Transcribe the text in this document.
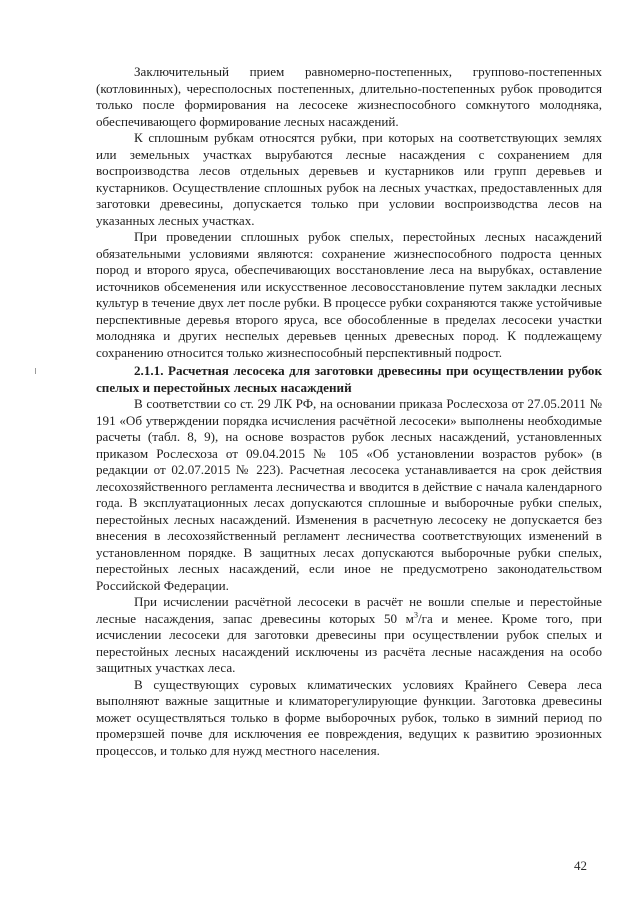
Заключительный прием равномерно-постепенных, группово-постепенных (котловинных), чересполосных постепенных, длительно-постепенных рубок проводится только после формирования на лесосеке жизнеспособного сомкнутого молодняка, обеспечивающего формирование лесных насаждений.

К сплошным рубкам относятся рубки, при которых на соответствующих землях или земельных участках вырубаются лесные насаждения с сохранением для воспроизводства лесов отдельных деревьев и кустарников или групп деревьев и кустарников. Осуществление сплошных рубок на лесных участках, предоставленных для заготовки древесины, допускается только при условии воспроизводства лесов на указанных лесных участках.

При проведении сплошных рубок спелых, перестойных лесных насаждений обязательными условиями являются: сохранение жизнеспособного подроста ценных пород и второго яруса, обеспечивающих восстановление леса на вырубках, оставление источников обсеменения или искусственное лесовосстановление путем закладки лесных культур в течение двух лет после рубки. В процессе рубки сохраняются также устойчивые перспективные деревья второго яруса, все обособленные в пределах лесосеки участки молодняка и других неспелых деревьев ценных древесных пород. К подлежащему сохранению относится только жизнеспособный перспективный подрост.

2.1.1. Расчетная лесосека для заготовки древесины при осуществлении рубок спелых и перестойных лесных насаждений

В соответствии со ст. 29 ЛК РФ, на основании приказа Рослесхоза от 27.05.2011 № 191 «Об утверждении порядка исчисления расчётной лесосеки» выполнены необходимые расчеты (табл. 8, 9), на основе возрастов рубок лесных насаждений, установленных приказом Рослесхоза от 09.04.2015 № 105 «Об установлении возрастов рубок» (в редакции от 02.07.2015 № 223). Расчетная лесосека устанавливается на срок действия лесохозяйственного регламента лесничества и вводится в действие с начала календарного года. В эксплуатационных лесах допускаются сплошные и выборочные рубки спелых, перестойных лесных насаждений. Изменения в расчетную лесосеку не допускается без внесения в лесохозяйственный регламент лесничества соответствующих изменений в установленном порядке. В защитных лесах допускаются выборочные рубки спелых, перестойных лесных насаждений, если иное не предусмотрено законодательством Российской Федерации.

При исчислении расчётной лесосеки в расчёт не вошли спелые и перестойные лесные насаждения, запас древесины которых 50 $м^3/га$ и менее. Кроме того, при исчислении лесосеки для заготовки древесины при осуществлении рубок спелых и перестойных лесных насаждений исключены из расчёта лесные насаждения на особо защитных участках леса.

В существующих суровых климатических условиях Крайнего Севера леса выполняют важные защитные и климаторегулирующие функции. Заготовка древесины может осуществляться только в форме выборочных рубок, только в зимний период по промерзшей почве для исключения ее повреждения, ведущих к развитию эрозионных процессов, и только для нужд местного населения.

42
